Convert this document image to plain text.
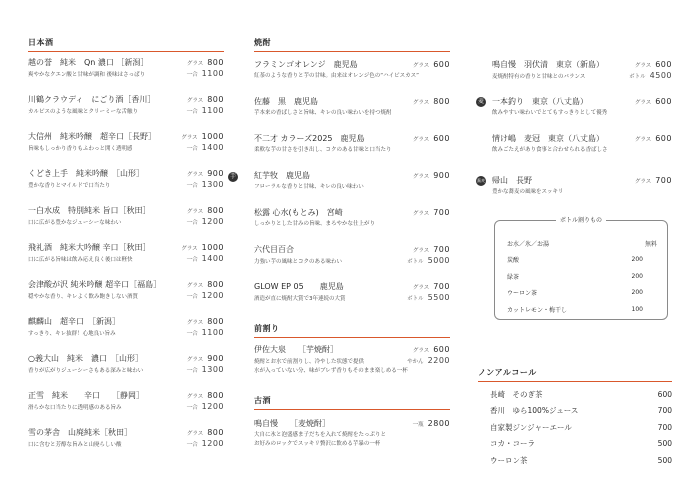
日本酒
越の誉　純米　Qn 濃口 ［新潟］	グラス 800
爽やかなクエン酸と甘味が調和 後味はさっぱり	一合 1100
川鶴クラウディ　にごり酒［香川］	グラス 800
カルピスのような風味とクリーミーな舌触り	一合 1100
大信州　純米吟醸　超辛口［長野］	グラス 1000
旨味もしっかり香りもふわっと開く透明感	一合 1400
くどき上手　純米吟醸　［山形］	グラス 900
豊かな香りとマイルドで口当たり	一合 1300
一白水成　特別純米 旨口［秋田］	グラス 800
口に広がる豊かなジューシーな味わい	一合 1200
飛礼酒　純米大吟醸 辛口［秋田］	グラス 1000
口に広がる旨味は飲み応え良く後口は軽快	一合 1400
会津酸が沢 純米吟醸 超辛口［福島］	グラス 800
穏やかな香り、キレよく飲み飽きしない酒質	一合 1200
麒麟山　超辛口　［新潟］	グラス 800
すっきり、キレ抜群！心地良い旨み	一合 1100
○義大山　純米　濃口　［山形］	グラス 900
香りが広がりジューシーさもある深みと味わい	一合 1300
正雪　純米　　辛口　　［静岡］	グラス 800
滑らかな口当たりに透明感のある旨み	一合 1200
雪の茅舎　山廃純米［秋田］	グラス 800
口に含むと芳醇な旨みと山廃らしい酸	一合 1200
焼酎
フラミンゴオレンジ　鹿児島	グラス 600
紅茶のような香りと芋の甘味。由来はオレンジ色の“ハイビスカス”
佐藤　黒　鹿児島	グラス 800
芋本来の香ばしさと旨味、キレの良い味わいを持つ焼酎
不二才 カラーズ2025　鹿児島	グラス 600
柔軟な芋の甘さを引き出し、コクのある甘味と口当たり
芋 紅芋牧　鹿児島	グラス 900
フローラルな香りと甘味、キレの良い味わい
松露 心水(もとみ)　宮崎	グラス 700
しっかりとした甘みの旨味、まろやかな仕上がり
六代目百合	グラス 700
力強い芋の風味とコクのある味わい	ボトル 5000
GLOW EP 05　　鹿児島	グラス 700
酒造が直に焼酎大賞で3年連続の大賞	ボトル 5500
前割り
伊佐大泉　　［芋焼酎］	グラス 600
焼酎とお水で前割りし、冷やした状態で提供	やかん 2200
水が入っていない分、味がブレず香りもそのまま楽しめる一杯
古酒
鳴自慢　　［麦焼酎］	一瓶 2800
大自に氷と泡盛感ま子だちを入れて焼酎をたっぷりと
お好みのロックでスッキリ贅沢に飲める芋暴の一杯
鳴自慢　羽伏清　東京（新島）	グラス 600
麦焼酎特有の香りと甘味とのバランス	ボトル 4500
麦 一本釣り　東京（八丈島）	グラス 600
飲みやすい味わいでとてもすっきりとして優秀
情け嶋　麦冠　東京（八丈島）	グラス 600
飲みごたえがあり食事と合わせられる香ばしさ
蕎麦 帰山　長野	グラス 700
豊かな蕎麦の風味をスッキリ
ボトル割りもの
お水／氷／お湯	無料
炭酸	200
緑茶	200
ウーロン茶	200
カットレモン・梅干し	100
ノンアルコール
長崎　そのぎ茶	600
香川　ゆら100%ジュース	700
自家製ジンジャーエール	700
コカ・コーラ	500
ウーロン茶	500
